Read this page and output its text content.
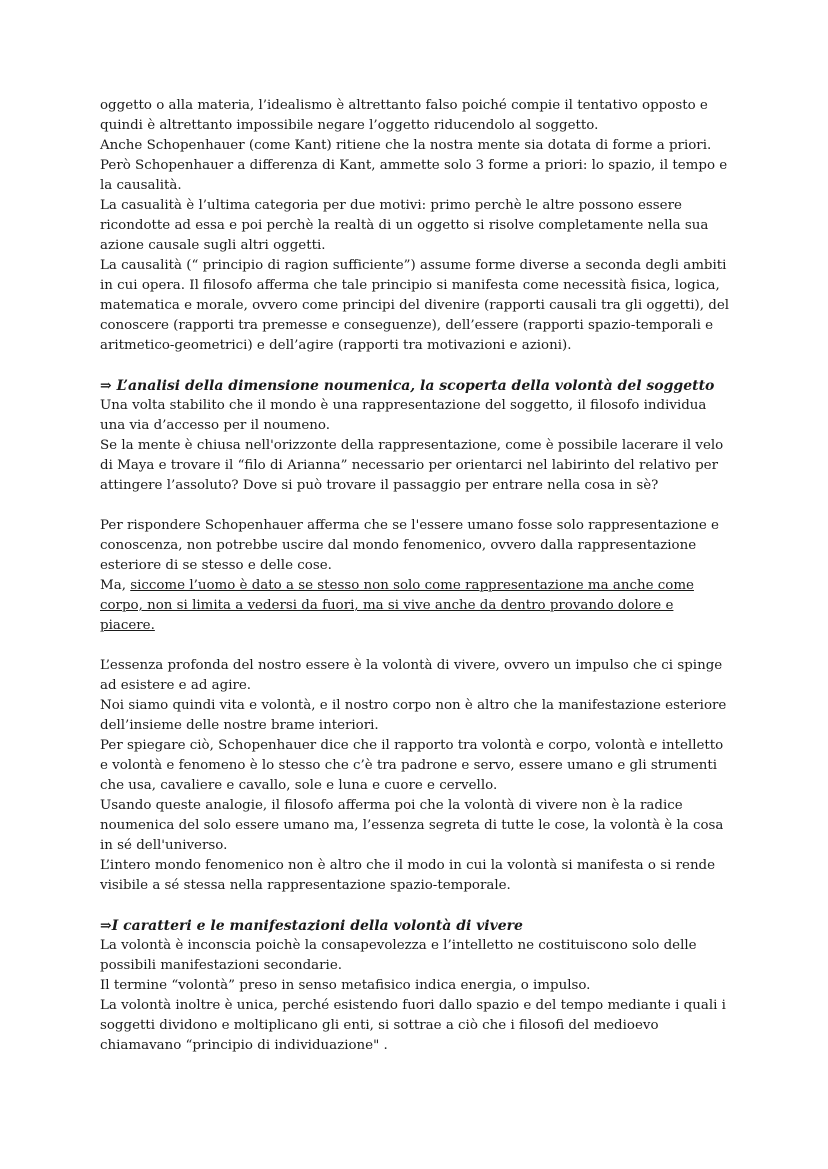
oggetto o alla materia, l’idealismo è altrettanto falso poiché compie il tentativo opposto e quindi è altrettanto impossibile negare l’oggetto riducendolo al soggetto.

Anche Schopenhauer (come Kant) ritiene che la nostra mente sia dotata di forme a priori.

Però Schopenhauer a differenza di Kant, ammette solo 3 forme a priori: lo spazio, il tempo e la causalità.

La casualità è l’ultima categoria per due motivi: primo perchè le altre possono essere ricondotte ad essa e poi perchè la realtà di un oggetto si risolve completamente nella sua azione causale sugli altri oggetti.

La causalità (“ principio di ragion sufficiente”) assume forme diverse a seconda degli ambiti in cui opera. Il filosofo afferma che tale principio si manifesta come necessità fisica, logica, matematica e morale, ovvero come principi del divenire (rapporti causali tra gli oggetti), del conoscere (rapporti tra premesse e conseguenze), dell’essere (rapporti spazio-temporali e aritmetico-geometrici) e dell’agire (rapporti tra motivazioni e azioni).

⇒ L’analisi della dimensione noumenica, la scoperta della volontà del soggetto

Una volta stabilito che il mondo è una rappresentazione del soggetto, il filosofo individua una via d’accesso per il noumeno.

Se la mente è chiusa nell'orizzonte della rappresentazione, come è possibile lacerare il velo di Maya e trovare il “filo di Arianna” necessario per orientarci nel labirinto del relativo per attingere l’assoluto? Dove si può trovare il passaggio per entrare nella cosa in sè?

Per rispondere Schopenhauer afferma che se l'essere umano fosse solo rappresentazione e conoscenza, non potrebbe uscire dal mondo fenomenico, ovvero dalla rappresentazione esteriore di se stesso e delle cose.

Ma, siccome l’uomo è dato a se stesso non solo come rappresentazione ma anche come corpo, non si limita a vedersi da fuori, ma si vive anche da dentro provando dolore e piacere.

L’essenza profonda del nostro essere è la volontà di vivere, ovvero un impulso che ci spinge ad esistere e ad agire.

Noi siamo quindi vita e volontà, e il nostro corpo non è altro che la manifestazione esteriore dell’insieme delle nostre brame interiori.

Per spiegare ciò, Schopenhauer dice che il rapporto tra volontà e corpo, volontà e intelletto e volontà e fenomeno è lo stesso che c’è tra padrone e servo, essere umano e gli strumenti che usa, cavaliere e cavallo, sole e luna e cuore e cervello.

Usando queste analogie, il filosofo afferma poi che la volontà di vivere non è la radice noumenica del solo essere umano ma, l’essenza segreta di tutte le cose, la volontà è la cosa in sé dell'universo.

L’intero mondo fenomenico non è altro che il modo in cui la volontà si manifesta o si rende visibile a sé stessa nella rappresentazione spazio-temporale.

⇒I caratteri e le manifestazioni della volontà di vivere

La volontà è inconscia poichè la consapevolezza e l’intelletto ne costituiscono solo delle possibili manifestazioni secondarie.

Il termine “volontà” preso in senso metafisico indica energia, o impulso.

La volontà inoltre è unica, perché esistendo fuori dallo spazio e del tempo mediante i quali i soggetti dividono e moltiplicano gli enti, si sottrae a ciò che i filosofi del medioevo chiamavano “principio di individuazione" .
